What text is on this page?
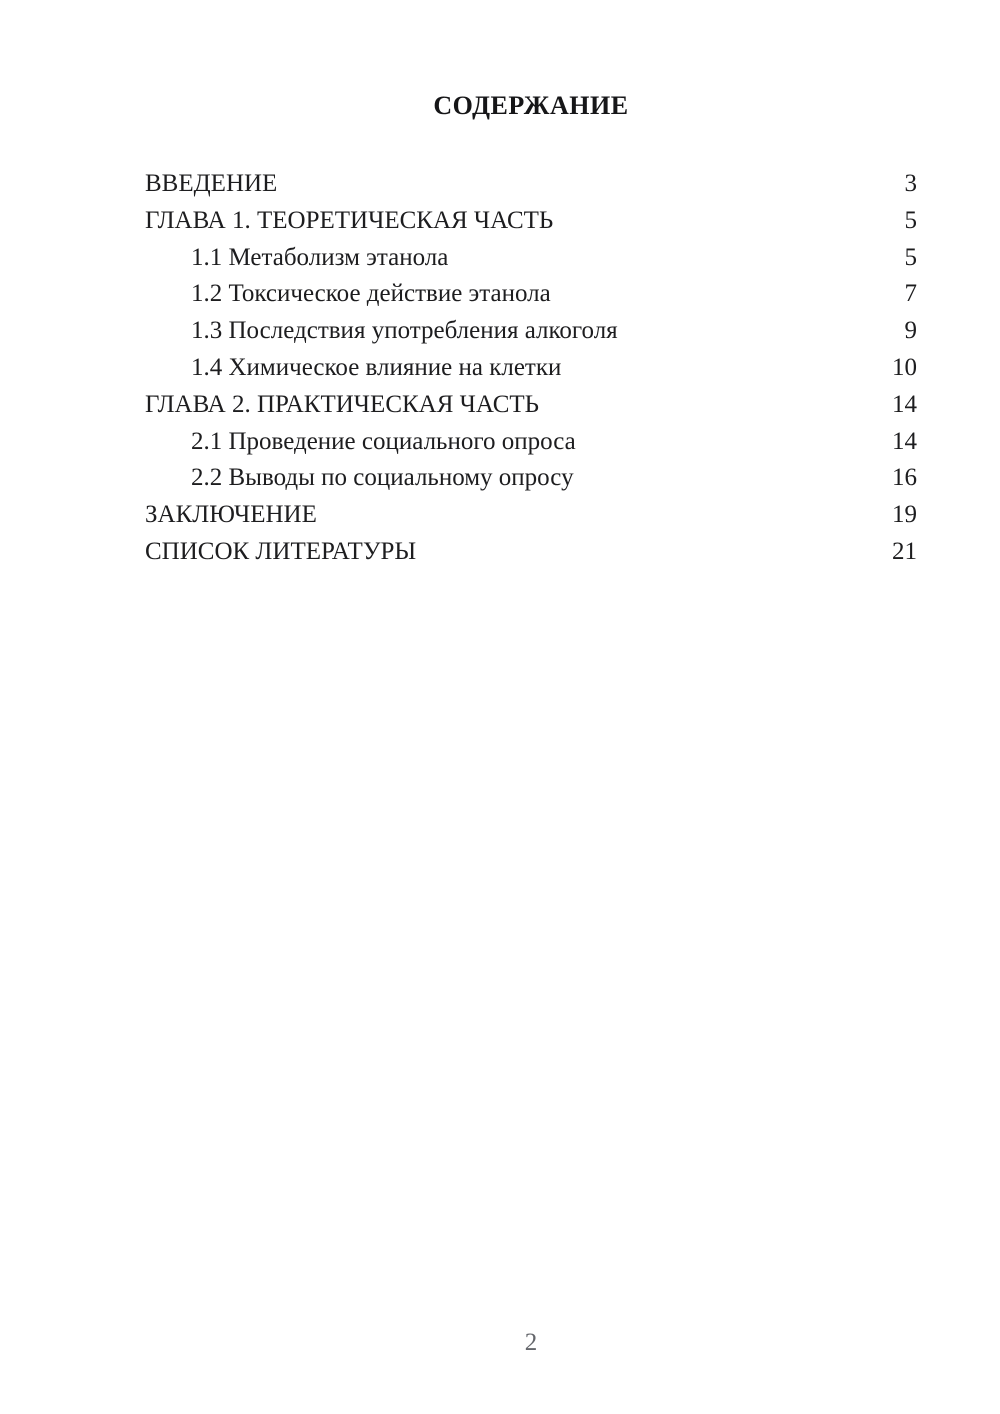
СОДЕРЖАНИЕ
ВВЕДЕНИЕ	3
ГЛАВА 1. ТЕОРЕТИЧЕСКАЯ ЧАСТЬ	5
1.1 Метаболизм этанола	5
1.2 Токсическое действие этанола	7
1.3 Последствия употребления алкоголя	9
1.4 Химическое влияние на клетки	10
ГЛАВА 2. ПРАКТИЧЕСКАЯ ЧАСТЬ	14
2.1 Проведение социального опроса	14
2.2 Выводы по социальному опросу	16
ЗАКЛЮЧЕНИЕ	19
СПИСОК ЛИТЕРАТУРЫ	21
2
